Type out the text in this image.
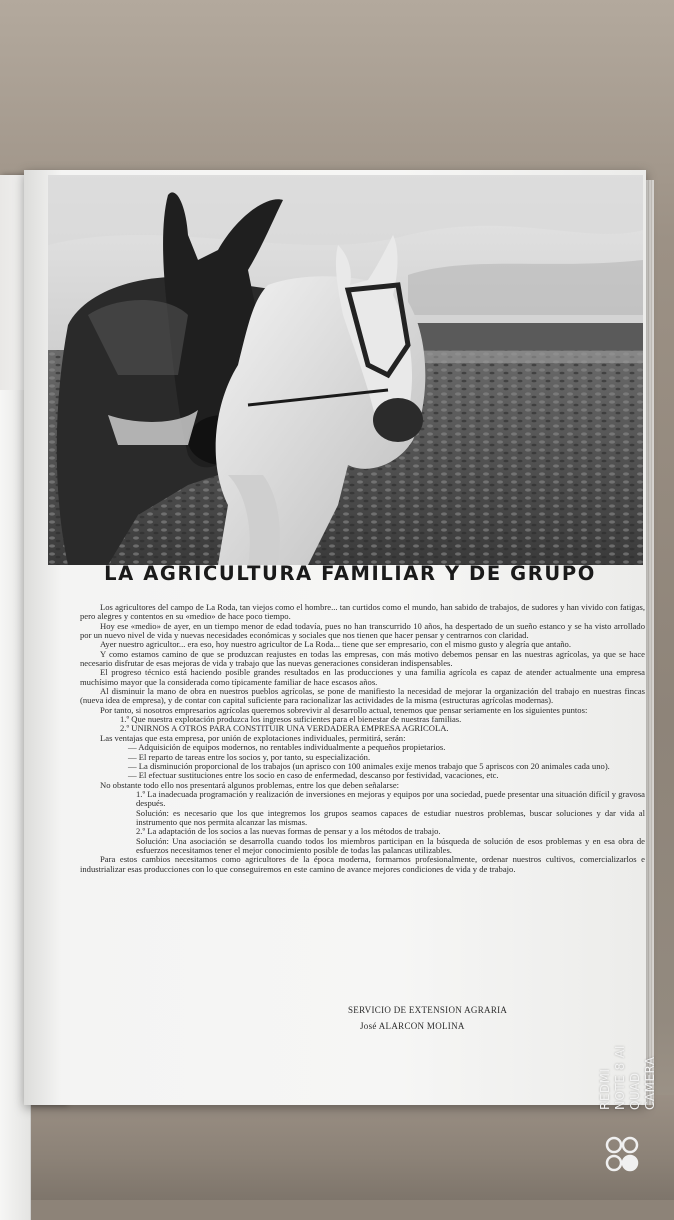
LA AGRICULTURA FAMILIAR Y DE GRUPO

Los agricultores del campo de La Roda, tan viejos como el hombre... tan curtidos como el mundo, han sabido de trabajos, de sudores y han vivido con fatigas, pero alegres y contentos en su «medio» de hace poco tiempo.

Hoy ese «medio» de ayer, en un tiempo menor de edad todavía, pues no han transcurrido 10 años, ha despertado de un sueño estanco y se ha visto arrollado por un nuevo nivel de vida y nuevas necesidades económicas y sociales que nos tienen que hacer pensar y centrarnos con claridad.

Ayer nuestro agricultor... era eso, hoy nuestro agricultor de La Roda... tiene que ser empresario, con el mismo gusto y alegría que antaño.

Y como estamos camino de que se produzcan reajustes en todas las empresas, con más motivo debemos pensar en las nuestras agrícolas, ya que se hace necesario disfrutar de esas mejoras de vida y trabajo que las nuevas generaciones consideran indispensables.

El progreso técnico está haciendo posible grandes resultados en las producciones y una familia agrícola es capaz de atender actualmente una empresa muchísimo mayor que la considerada como típicamente familiar de hace escasos años.

Al disminuir la mano de obra en nuestros pueblos agrícolas, se pone de manifiesto la necesidad de mejorar la organización del trabajo en nuestras fincas (nueva idea de empresa), y de contar con capital suficiente para racionalizar las actividades de la misma (estructuras agrícolas modernas).

Por tanto, si nosotros empresarios agrícolas queremos sobrevivir al desarrollo actual, tenemos que pensar seriamente en los siguientes puntos:

1.º Que nuestra explotación produzca los ingresos suficientes para el bienestar de nuestras familias.

2.º UNIRNOS A OTROS PARA CONSTITUIR UNA VERDADERA EMPRESA AGRICOLA.

Las ventajas que esta empresa, por unión de explotaciones individuales, permitirá, serán:

— Adquisición de equipos modernos, no rentables individualmente a pequeños propietarios.

— El reparto de tareas entre los socios y, por tanto, su especialización.

— La disminución proporcional de los trabajos (un aprisco con 100 animales exije menos trabajo que 5 apriscos con 20 animales cada uno).

— El efectuar sustituciones entre los socio en caso de enfermedad, descanso por festividad, vacaciones, etc.

No obstante todo ello nos presentará algunos problemas, entre los que deben señalarse:

1.º La inadecuada programación y realización de inversiones en mejoras y equipos por una sociedad, puede presentar una situación difícil y gravosa después.

Solución: es necesario que los que integremos los grupos seamos capaces de estudiar nuestros problemas, buscar soluciones y dar vida al instrumento que nos permita alcanzar las mismas.

2.º La adaptación de los socios a las nuevas formas de pensar y a los métodos de trabajo.

Solución: Una asociación se desarrolla cuando todos los miembros participan en la búsqueda de solución de esos problemas y en esa obra de esfuerzos necesitamos tener el mejor conocimiento posible de todas las palancas utilizables.

Para estos cambios necesitamos como agricultores de la época moderna, formarnos profesionalmente, ordenar nuestros cultivos, comercializarlos e industrializar esas producciones con lo que conseguiremos en este camino de avance mejores condiciones de vida y de trabajo.

SERVICIO DE EXTENSION AGRARIA
José ALARCON MOLINA
REDMI NOTE 8 AI QUAD CAMERA
